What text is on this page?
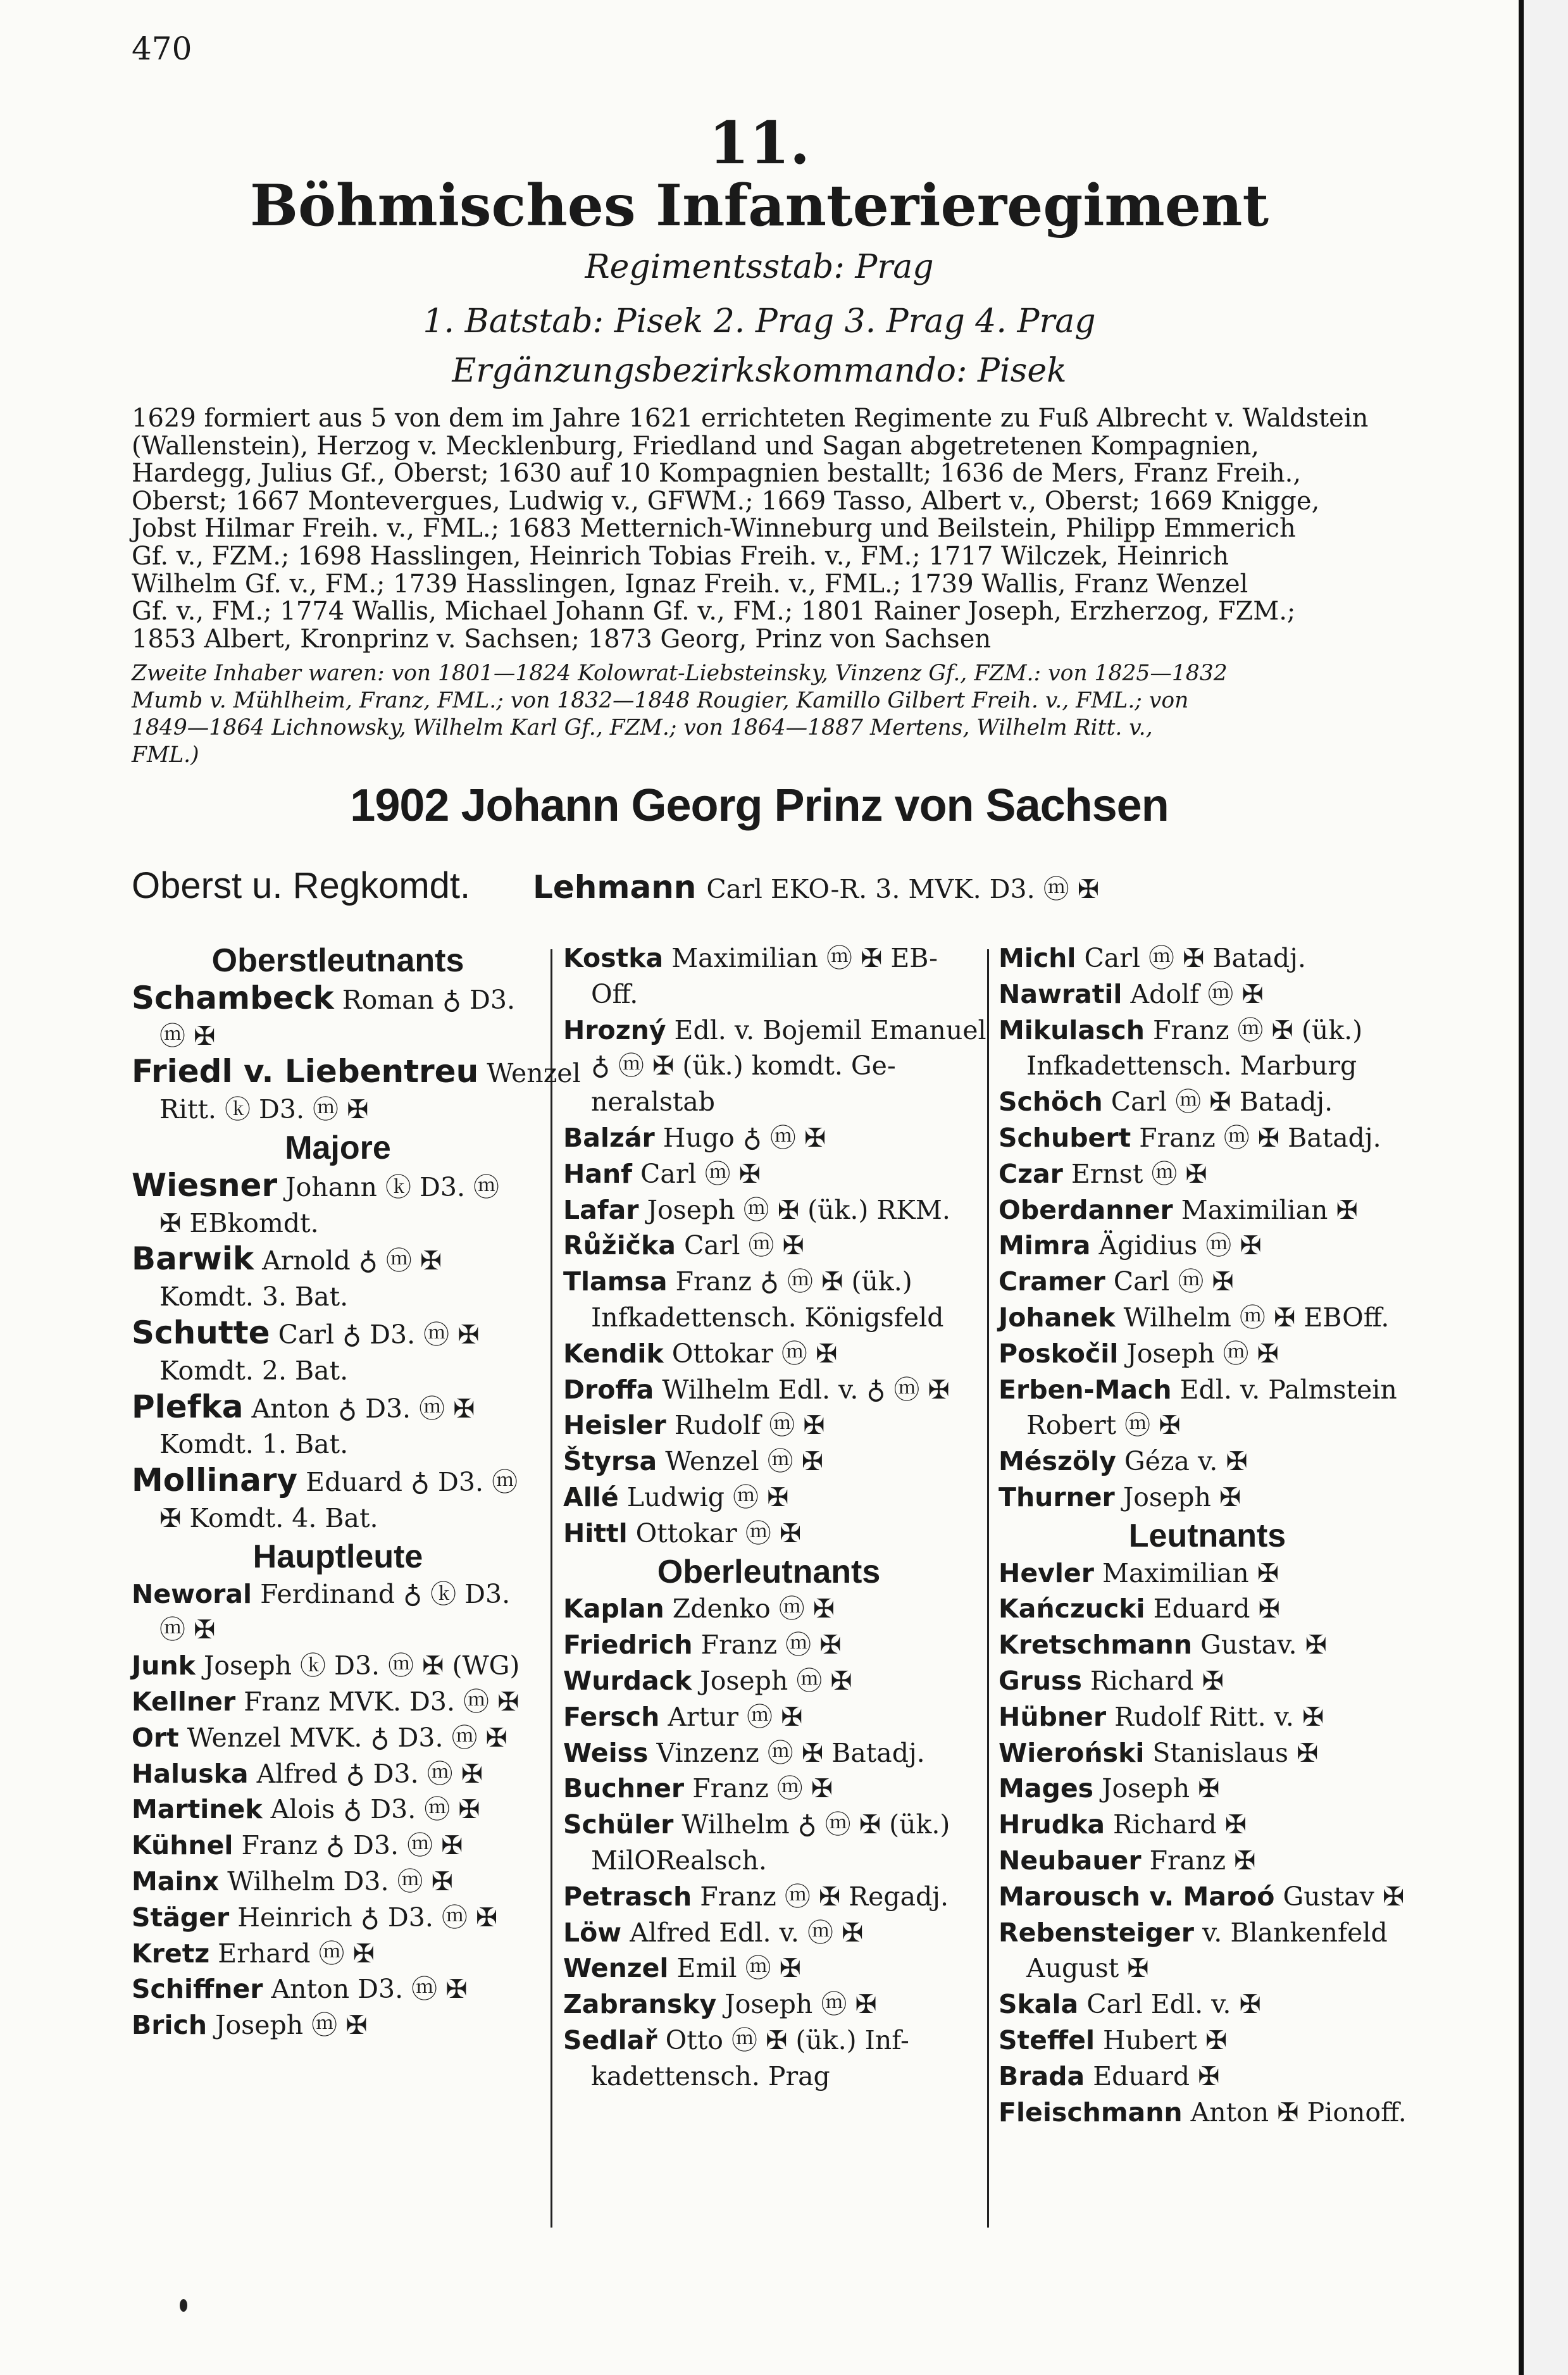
470
11.
Böhmisches Infanterieregiment
Regimentsstab: Prag
1. Batstab: Pisek 2. Prag 3. Prag 4. Prag
Ergänzungsbezirkskommando: Pisek
1629 formiert aus 5 von dem im Jahre 1621 errichteten Regimente zu Fuß Albrecht v. Waldstein
(Wallenstein), Herzog v. Mecklenburg, Friedland und Sagan abgetretenen Kompagnien,
Hardegg, Julius Gf., Oberst; 1630 auf 10 Kompagnien bestallt; 1636 de Mers, Franz Freih.,
Oberst; 1667 Montevergues, Ludwig v., GFWM.; 1669 Tasso, Albert v., Oberst; 1669 Knigge,
Jobst Hilmar Freih. v., FML.; 1683 Metternich-Winneburg und Beilstein, Philipp Emmerich
Gf. v., FZM.; 1698 Hasslingen, Heinrich Tobias Freih. v., FM.; 1717 Wilczek, Heinrich
Wilhelm Gf. v., FM.; 1739 Hasslingen, Ignaz Freih. v., FML.; 1739 Wallis, Franz Wenzel
Gf. v., FM.; 1774 Wallis, Michael Johann Gf. v., FM.; 1801 Rainer Joseph, Erzherzog, FZM.;
1853 Albert, Kronprinz v. Sachsen; 1873 Georg, Prinz von Sachsen
Zweite Inhaber waren: von 1801—1824 Kolowrat-Liebsteinsky, Vinzenz Gf., FZM.: von 1825—1832
Mumb v. Mühlheim, Franz, FML.; von 1832—1848 Rougier, Kamillo Gilbert Freih. v., FML.; von
1849—1864 Lichnowsky, Wilhelm Karl Gf., FZM.; von 1864—1887 Mertens, Wilhelm Ritt. v.,
FML.)
1902 Johann Georg Prinz von Sachsen
Oberst u. Regkomdt. Lehmann Carl EKO-R. 3. MVK. D3. ⓜ ✠
Oberstleutnants
Schambeck Roman ♁ D3.
ⓜ ✠
Friedl v. Liebentreu Wenzel
Ritt. ⓚ D3. ⓜ ✠
Majore
Wiesner Johann ⓚ D3. ⓜ
✠ EBkomdt.
Barwik Arnold ♁ ⓜ ✠
Komdt. 3. Bat.
Schutte Carl ♁ D3. ⓜ ✠
Komdt. 2. Bat.
Plefka Anton ♁ D3. ⓜ ✠
Komdt. 1. Bat.
Mollinary Eduard ♁ D3. ⓜ
✠ Komdt. 4. Bat.
Hauptleute
Neworal Ferdinand ♁ ⓚ D3.
ⓜ ✠
Junk Joseph ⓚ D3. ⓜ ✠ (WG)
Kellner Franz MVK. D3. ⓜ ✠
Ort Wenzel MVK. ♁ D3. ⓜ ✠
Haluska Alfred ♁ D3. ⓜ ✠
Martinek Alois ♁ D3. ⓜ ✠
Kühnel Franz ♁ D3. ⓜ ✠
Mainx Wilhelm D3. ⓜ ✠
Stäger Heinrich ♁ D3. ⓜ ✠
Kretz Erhard ⓜ ✠
Schiffner Anton D3. ⓜ ✠
Brich Joseph ⓜ ✠
Kostka Maximilian ⓜ ✠ EB-
Off.
Hrozný Edl. v. Bojemil Emanuel
♁ ⓜ ✠ (ük.) komdt. Ge-
neralstab
Balzár Hugo ♁ ⓜ ✠
Hanf Carl ⓜ ✠
Lafar Joseph ⓜ ✠ (ük.) RKM.
Růžička Carl ⓜ ✠
Tlamsa Franz ♁ ⓜ ✠ (ük.)
Infkadettensch. Königsfeld
Kendik Ottokar ⓜ ✠
Droffa Wilhelm Edl. v. ♁ ⓜ ✠
Heisler Rudolf ⓜ ✠
Štyrsa Wenzel ⓜ ✠
Allé Ludwig ⓜ ✠
Hittl Ottokar ⓜ ✠
Oberleutnants
Kaplan Zdenko ⓜ ✠
Friedrich Franz ⓜ ✠
Wurdack Joseph ⓜ ✠
Fersch Artur ⓜ ✠
Weiss Vinzenz ⓜ ✠ Batadj.
Buchner Franz ⓜ ✠
Schüler Wilhelm ♁ ⓜ ✠ (ük.)
MilORealsch.
Petrasch Franz ⓜ ✠ Regadj.
Löw Alfred Edl. v. ⓜ ✠
Wenzel Emil ⓜ ✠
Zabransky Joseph ⓜ ✠
Sedlař Otto ⓜ ✠ (ük.) Inf-
kadettensch. Prag
Michl Carl ⓜ ✠ Batadj.
Nawratil Adolf ⓜ ✠
Mikulasch Franz ⓜ ✠ (ük.)
Infkadettensch. Marburg
Schöch Carl ⓜ ✠ Batadj.
Schubert Franz ⓜ ✠ Batadj.
Czar Ernst ⓜ ✠
Oberdanner Maximilian ✠
Mimra Ägidius ⓜ ✠
Cramer Carl ⓜ ✠
Johanek Wilhelm ⓜ ✠ EBOff.
Poskočil Joseph ⓜ ✠
Erben-Mach Edl. v. Palmstein
Robert ⓜ ✠
Mészöly Géza v. ✠
Thurner Joseph ✠
Leutnants
Hevler Maximilian ✠
Kańczucki Eduard ✠
Kretschmann Gustav. ✠
Gruss Richard ✠
Hübner Rudolf Ritt. v. ✠
Wieroński Stanislaus ✠
Mages Joseph ✠
Hrudka Richard ✠
Neubauer Franz ✠
Marousch v. Maroó Gustav ✠
Rebensteiger v. Blankenfeld
August ✠
Skala Carl Edl. v. ✠
Steffel Hubert ✠
Brada Eduard ✠
Fleischmann Anton ✠ Pionoff.
